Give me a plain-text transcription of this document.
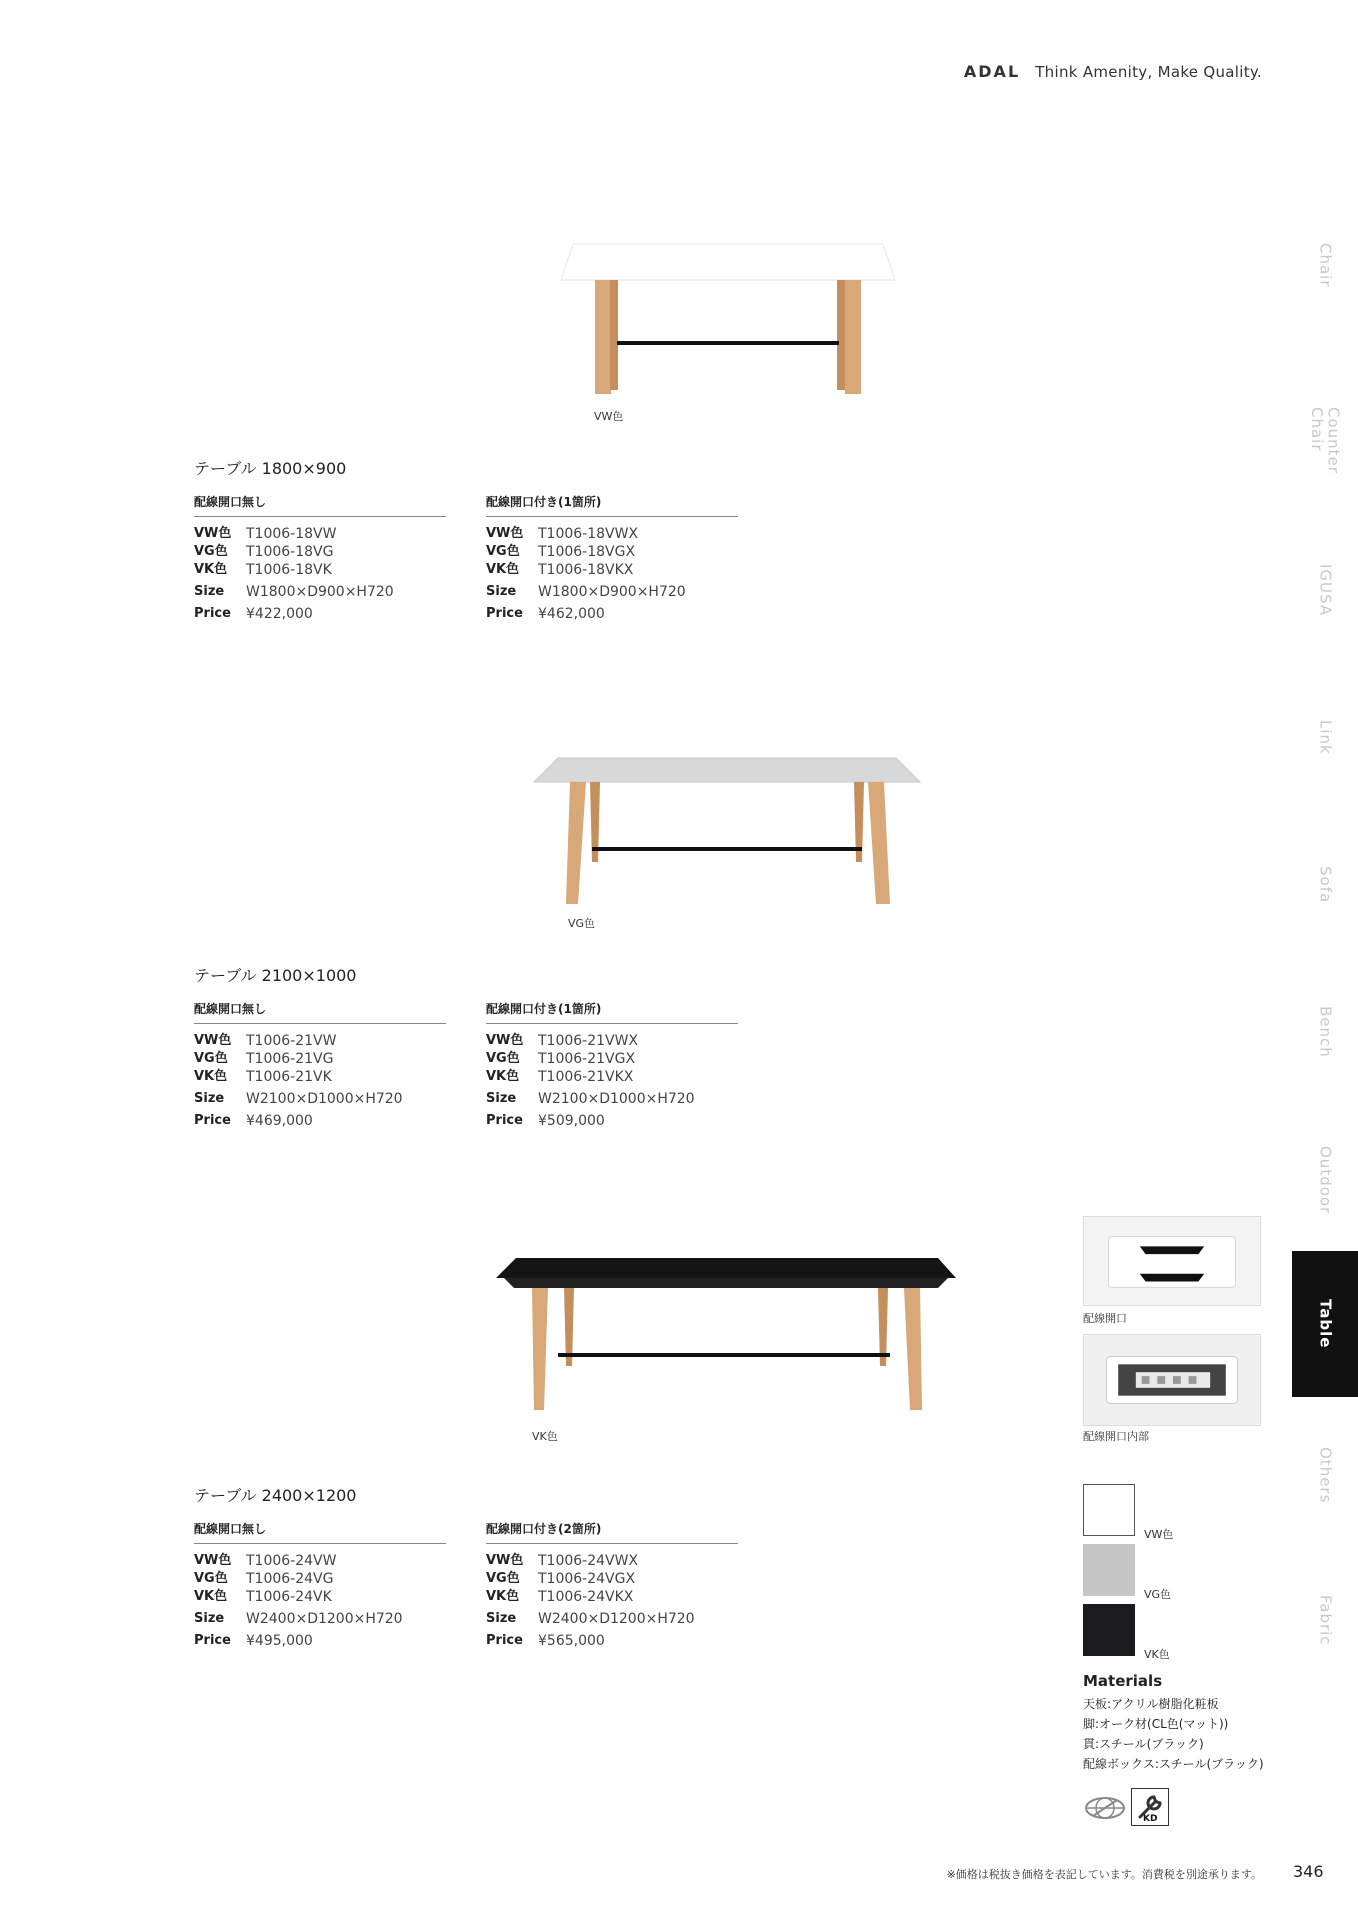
ADAL Think Amenity, Make Quality.
Chair
Counter
Chair
IGUSA
Link
Sofa
Bench
Outdoor
Table
Others
Fabric
VW色
VG色
VK色
テーブル 1800×900
配線開口無し
VW色	T1006-18VW
VG色	T1006-18VG
VK色	T1006-18VK
Size	W1800×D900×H720
Price	¥422,000
配線開口付き(1箇所)
VW色	T1006-18VWX
VG色	T1006-18VGX
VK色	T1006-18VKX
Size	W1800×D900×H720
Price	¥462,000
テーブル 2100×1000
配線開口無し
VW色	T1006-21VW
VG色	T1006-21VG
VK色	T1006-21VK
Size	W2100×D1000×H720
Price	¥469,000
配線開口付き(1箇所)
VW色	T1006-21VWX
VG色	T1006-21VGX
VK色	T1006-21VKX
Size	W2100×D1000×H720
Price	¥509,000
テーブル 2400×1200
配線開口無し
VW色	T1006-24VW
VG色	T1006-24VG
VK色	T1006-24VK
Size	W2400×D1200×H720
Price	¥495,000
配線開口付き(2箇所)
VW色	T1006-24VWX
VG色	T1006-24VGX
VK色	T1006-24VKX
Size	W2400×D1200×H720
Price	¥565,000
配線開口
配線開口内部
VW色
VG色
VK色
Materials
天板:アクリル樹脂化粧板
脚:オーク材(CL色(マット))
貫:スチール(ブラック)
配線ボックス:スチール(ブラック)
KD
※価格は税抜き価格を表記しています。消費税を別途承ります。 346
